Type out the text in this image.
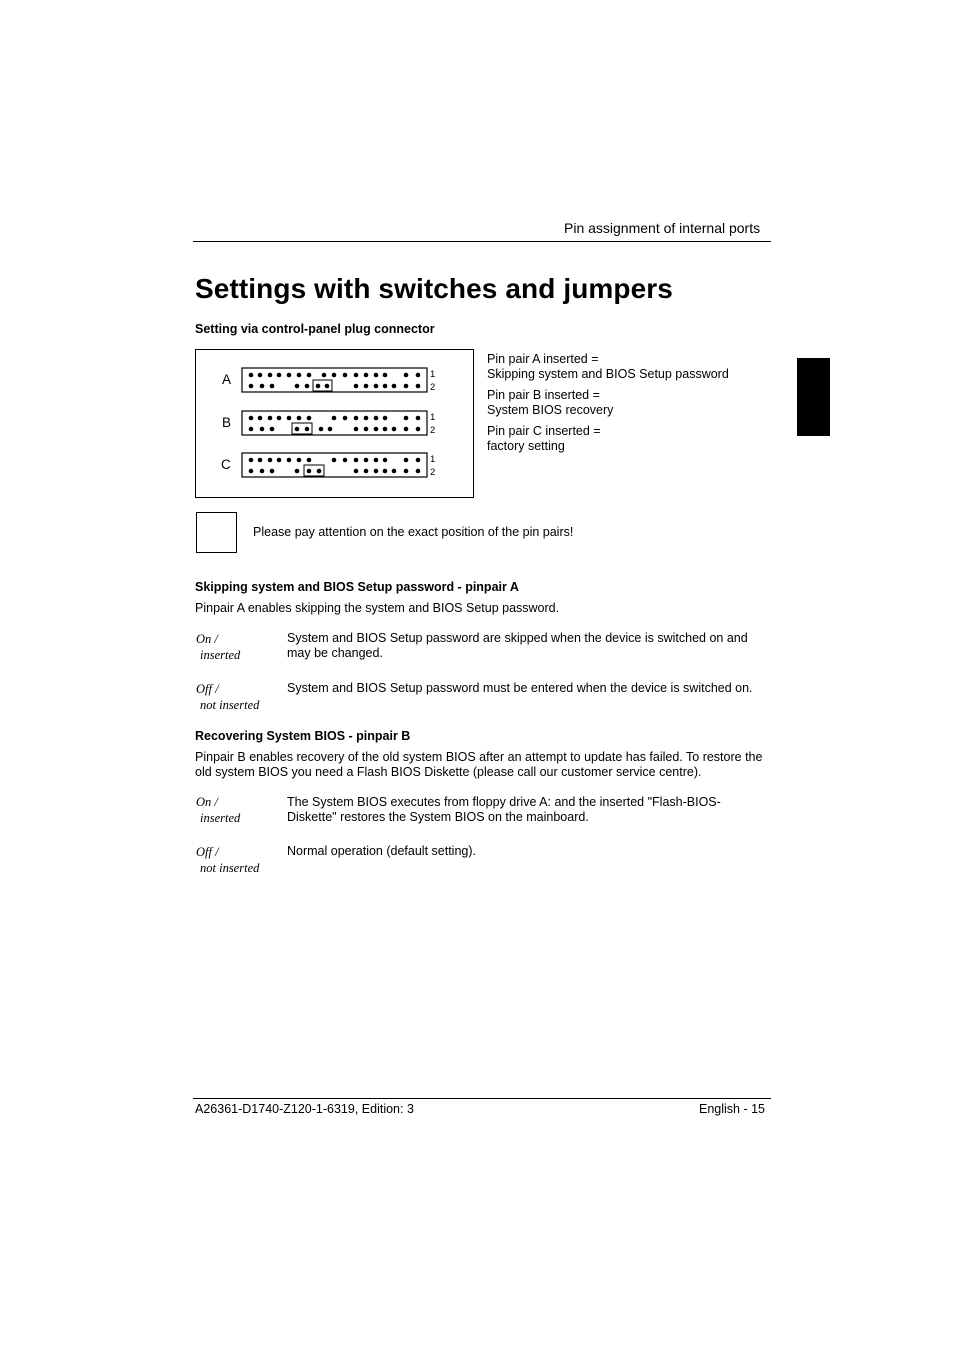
Pin assignment of internal ports
Settings with switches and jumpers
Setting via control-panel plug connector
A
B
C
1
2
1
2
1
2

Pin pair A inserted =
Skipping system and BIOS Setup password

Pin pair B inserted =
System BIOS recovery

Pin pair C inserted =
factory setting

Please pay attention on the exact position of the pin pairs!
Skipping system and BIOS Setup password - pinpair A
Pinpair A enables skipping the system and BIOS Setup password.
On /
inserted
System and BIOS Setup password are skipped when the device is switched on and may be changed.
Off /
not inserted
System and BIOS Setup password must be entered when the device is switched on.
Recovering System BIOS - pinpair B
Pinpair B enables recovery of the old system BIOS after an attempt to update has failed. To restore the old system BIOS you need a Flash BIOS Diskette (please call our customer service centre).
On /
inserted
The System BIOS executes from floppy drive A: and the inserted "Flash-BIOS-Diskette" restores the System BIOS on the mainboard.
Off /
not inserted
Normal operation (default setting).
A26361-D1740-Z120-1-6319, Edition: 3	English - 15
